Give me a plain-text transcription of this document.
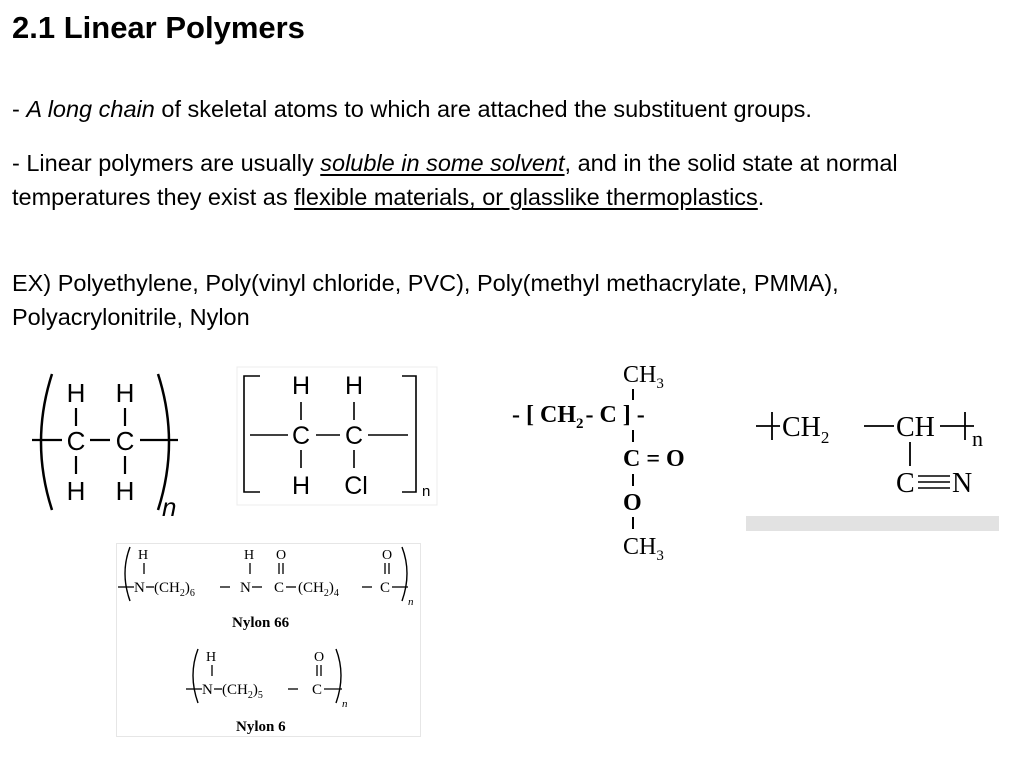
2.1 Linear Polymers
- A long chain of skeletal atoms to which are attached the substituent groups.
- Linear polymers are usually soluble in some solvent, and in the solid state at normal temperatures they exist as flexible materials, or glasslike thermoplastics.
EX) Polyethylene, Poly(vinyl chloride, PVC), Poly(methyl methacrylate, PMMA),
Polyacrylonitrile, Nylon
H H
C C
H H
n
H H
C C
H Cl	n
$CH_3$
- [ $CH_2-$ C ] -
C = O
O
$CH_3$
$CH_2$ CH n
C N
H
N $(CH_2)_6$
H
N
O
C $(CH_2)_4$
O
C
n
Nylon 66
H
N $(CH_2)_5$
O
C
n
Nylon 6
